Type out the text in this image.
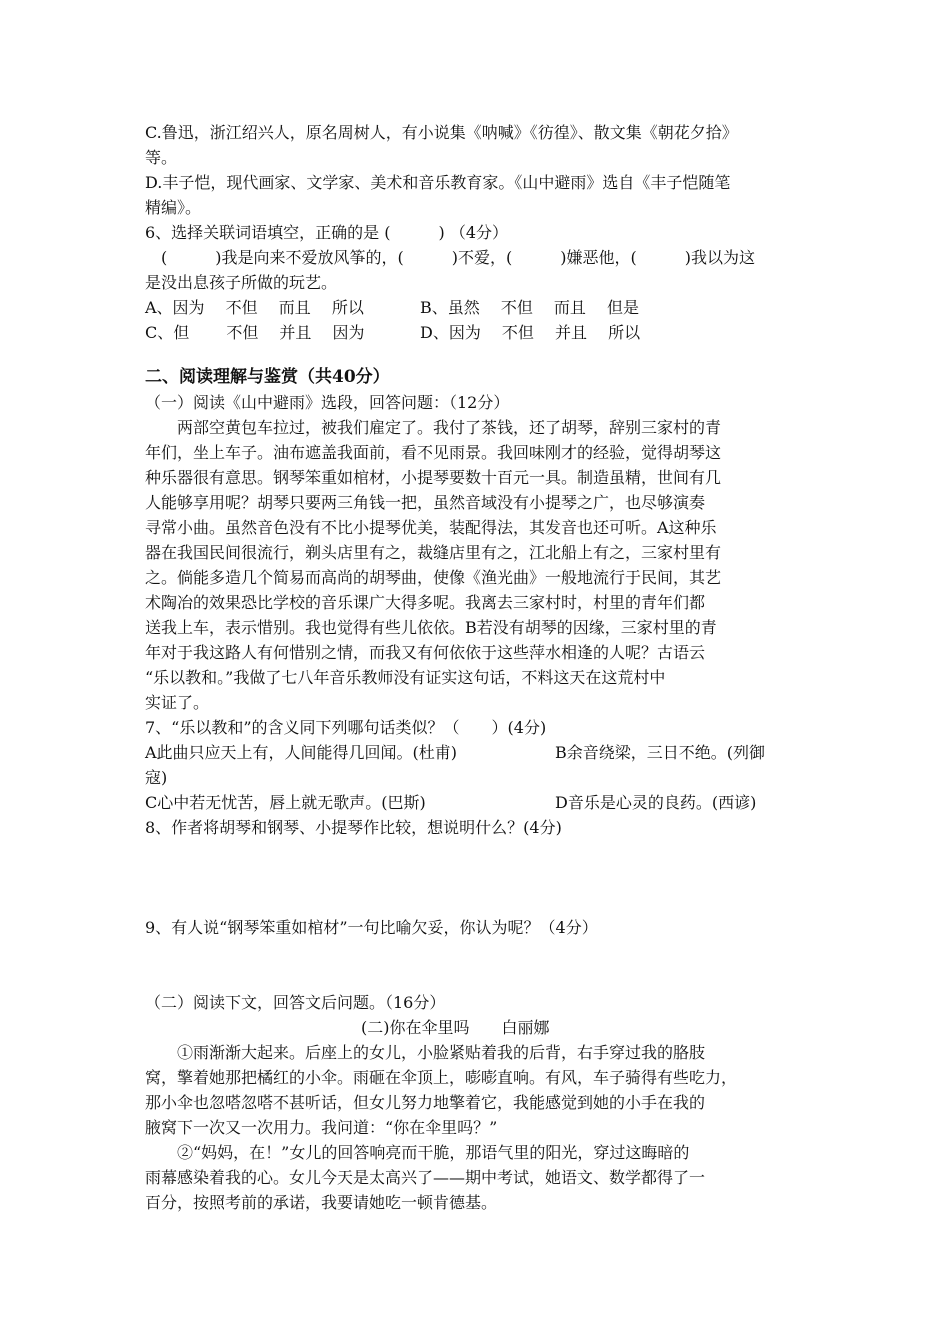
C.鲁迅，浙江绍兴人，原名周树人，有小说集《呐喊》《彷徨》、散文集《朝花夕拾》
等。
D.丰子恺，现代画家、文学家、美术和音乐教育家。《山中避雨》选自《丰子恺随笔
精编》。
6、选择关联词语填空，正确的是 (　　　) （4分）
(　　　)我是向来不爱放风筝的，(　　　)不爱，(　　　)嫌恶他，(　　　)我以为这
是没出息孩子所做的玩艺。
A、因为　 不但　 而且　 所以	B、虽然　 不但　 而且　 但是
C、但　　 不但　 并且　 因为	D、因为　 不但　 并且　 所以
二、阅读理解与鉴赏（共40分）
（一）阅读《山中避雨》选段，回答问题：（12分）
两部空黄包车拉过，被我们雇定了。我付了茶钱，还了胡琴，辞别三家村的青
年们，坐上车子。油布遮盖我面前，看不见雨景。我回味刚才的经验，觉得胡琴这
种乐器很有意思。钢琴笨重如棺材，小提琴要数十百元一具。制造虽精，世间有几
人能够享用呢？胡琴只要两三角钱一把，虽然音域没有小提琴之广，也尽够演奏
寻常小曲。虽然音色没有不比小提琴优美，装配得法，其发音也还可听。A这种乐
器在我国民间很流行，剃头店里有之，裁缝店里有之，江北船上有之，三家村里有
之。倘能多造几个简易而高尚的胡琴曲，使像《渔光曲》一般地流行于民间，其艺
术陶冶的效果恐比学校的音乐课广大得多呢。我离去三家村时，村里的青年们都
送我上车，表示惜别。我也觉得有些儿依依。B若没有胡琴的因缘，三家村里的青
年对于我这路人有何惜别之情，而我又有何依依于这些萍水相逢的人呢？古语云
“乐以教和。”我做了七八年音乐教师没有证实这句话，不料这天在这荒村中
实证了。
7、“乐以教和”的含义同下列哪句话类似？（　　）(4分)
A此曲只应天上有，人间能得几回闻。(杜甫)	B余音绕梁，三日不绝。(列御
寇)
C心中若无忧苦，唇上就无歌声。(巴斯)	D音乐是心灵的良药。(西谚)
8、作者将胡琴和钢琴、小提琴作比较，想说明什么？(4分)
9、有人说“钢琴笨重如棺材”一句比喻欠妥，你认为呢？（4分）
（二）阅读下文，回答文后问题。（16分）
(二)你在伞里吗　　白丽娜
①雨渐渐大起来。后座上的女儿，小脸紧贴着我的后背，右手穿过我的胳肢
窝，擎着她那把橘红的小伞。雨砸在伞顶上，嘭嘭直响。有风，车子骑得有些吃力，
那小伞也忽嗒忽嗒不甚听话，但女儿努力地擎着它，我能感觉到她的小手在我的
腋窝下一次又一次用力。我问道：“你在伞里吗？”
②“妈妈，在！”女儿的回答响亮而干脆，那语气里的阳光，穿过这晦暗的
雨幕感染着我的心。女儿今天是太高兴了——期中考试，她语文、数学都得了一
百分，按照考前的承诺，我要请她吃一顿肯德基。
